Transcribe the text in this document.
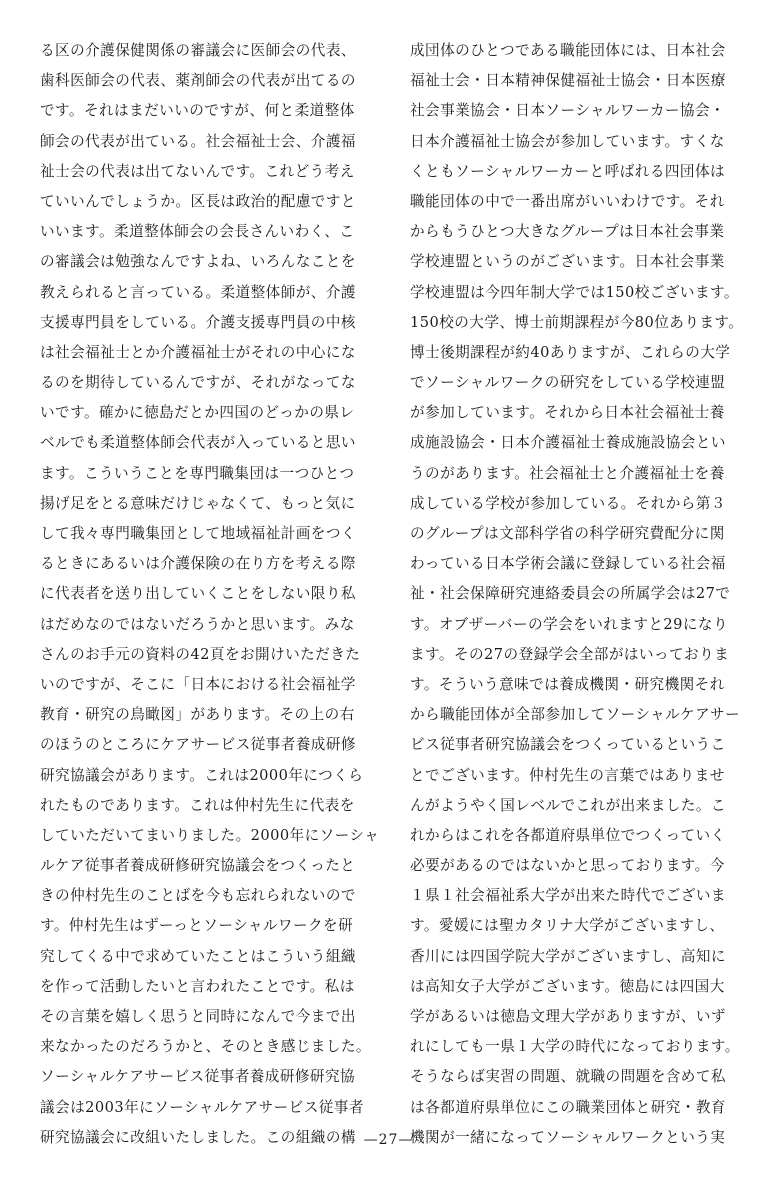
る区の介護保健関係の審議会に医師会の代表、
歯科医師会の代表、薬剤師会の代表が出てるの
です。それはまだいいのですが、何と柔道整体
師会の代表が出ている。社会福祉士会、介護福
祉士会の代表は出てないんです。これどう考え
ていいんでしょうか。区長は政治的配慮ですと
いいます。柔道整体師会の会長さんいわく、こ
の審議会は勉強なんですよね、いろんなことを
教えられると言っている。柔道整体師が、介護
支援専門員をしている。介護支援専門員の中核
は社会福祉士とか介護福祉士がそれの中心にな
るのを期待しているんですが、それがなってな
いです。確かに徳島だとか四国のどっかの県レ
ベルでも柔道整体師会代表が入っていると思い
ます。こういうことを専門職集団は一つひとつ
揚げ足をとる意味だけじゃなくて、もっと気に
して我々専門職集団として地域福祉計画をつく
るときにあるいは介護保険の在り方を考える際
に代表者を送り出していくことをしない限り私
はだめなのではないだろうかと思います。みな
さんのお手元の資料の42頁をお開けいただきた
いのですが、そこに「日本における社会福祉学
教育・研究の鳥瞰図」があります。その上の右
のほうのところにケアサービス従事者養成研修
研究協議会があります。これは2000年につくら
れたものであります。これは仲村先生に代表を
していただいてまいりました。2000年にソーシャ
ルケア従事者養成研修研究協議会をつくったと
きの仲村先生のことばを今も忘れられないので
す。仲村先生はずーっとソーシャルワークを研
究してくる中で求めていたことはこういう組織
を作って活動したいと言われたことです。私は
その言葉を嬉しく思うと同時になんで今まで出
来なかったのだろうかと、そのとき感じました。
ソーシャルケアサービス従事者養成研修研究協
議会は2003年にソーシャルケアサービス従事者
研究協議会に改組いたしました。この組織の構
成団体のひとつである職能団体には、日本社会
福祉士会・日本精神保健福祉士協会・日本医療
社会事業協会・日本ソーシャルワーカー協会・
日本介護福祉士協会が参加しています。すくな
くともソーシャルワーカーと呼ばれる四団体は
職能団体の中で一番出席がいいわけです。それ
からもうひとつ大きなグループは日本社会事業
学校連盟というのがございます。日本社会事業
学校連盟は今四年制大学では150校ございます。
150校の大学、博士前期課程が今80位あります。
博士後期課程が約40ありますが、これらの大学
でソーシャルワークの研究をしている学校連盟
が参加しています。それから日本社会福祉士養
成施設協会・日本介護福祉士養成施設協会とい
うのがあります。社会福祉士と介護福祉士を養
成している学校が参加している。それから第３
のグループは文部科学省の科学研究費配分に関
わっている日本学術会議に登録している社会福
祉・社会保障研究連絡委員会の所属学会は27で
す。オブザーバーの学会をいれますと29になり
ます。その27の登録学会全部がはいっておりま
す。そういう意味では養成機関・研究機関それ
から職能団体が全部参加してソーシャルケアサー
ビス従事者研究協議会をつくっているというこ
とでございます。仲村先生の言葉ではありませ
んがようやく国レベルでこれが出来ました。こ
れからはこれを各都道府県単位でつくっていく
必要があるのではないかと思っております。今
１県１社会福祉系大学が出来た時代でございま
す。愛媛には聖カタリナ大学がございますし、
香川には四国学院大学がございますし、高知に
は高知女子大学がございます。徳島には四国大
学があるいは徳島文理大学がありますが、いず
れにしても一県１大学の時代になっております。
そうならば実習の問題、就職の問題を含めて私
は各都道府県単位にこの職業団体と研究・教育
機関が一緒になってソーシャルワークという実
—27—
